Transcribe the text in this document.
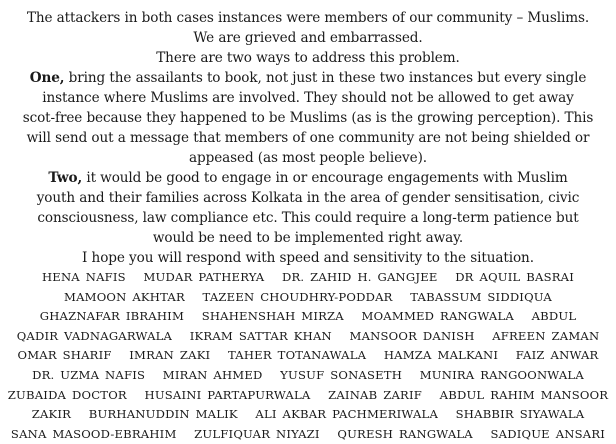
The attackers in both cases instances were members of our community – Muslims.

We are grieved and embarrassed.

There are two ways to address this problem.

One, bring the assailants to book, not just in these two instances but every single
instance where Muslims are involved. They should not be allowed to get away
scot-free because they happened to be Muslims (as is the growing perception). This
will send out a message that members of one community are not being shielded or
appeased (as most people believe).

Two, it would be good to engage in or encourage engagements with Muslim
youth and their families across Kolkata in the area of gender sensitisation, civic
consciousness, law compliance etc. This could require a long-term patience but
would be need to be implemented right away.

I hope you will respond with speed and sensitivity to the situation.

HENA NAFIS   MUDAR PATHERYA   DR. ZAHID H. GANGJEE   DR AQUIL BASRAI
MAMOON AKHTAR   TAZEEN CHOUDHRY-PODDAR   TABASSUM SIDDIQUA
GHAZNAFAR IBRAHIM   SHAHENSHAH MIRZA   MOAMMED RANGWALA   ABDUL
QADIR VADNAGARWALA   IKRAM SATTAR KHAN   MANSOOR DANISH   AFREEN ZAMAN
OMAR SHARIF   IMRAN ZAKI   TAHER TOTANAWALA   HAMZA MALKANI   FAIZ ANWAR
DR. UZMA NAFIS   MIRAN AHMED   YUSUF SONASETH   MUNIRA RANGOONWALA
ZUBAIDA DOCTOR   HUSAINI PARTAPURWALA   ZAINAB ZARIF   ABDUL RAHIM MANSOOR
ZAKIR   BURHANUDDIN MALIK   ALI AKBAR PACHMERIWALA   SHABBIR SIYAWALA
SANA MASOOD-EBRAHIM   ZULFIQUAR NIYAZI   QURESH RANGWALA   SADIQUE ANSARI
